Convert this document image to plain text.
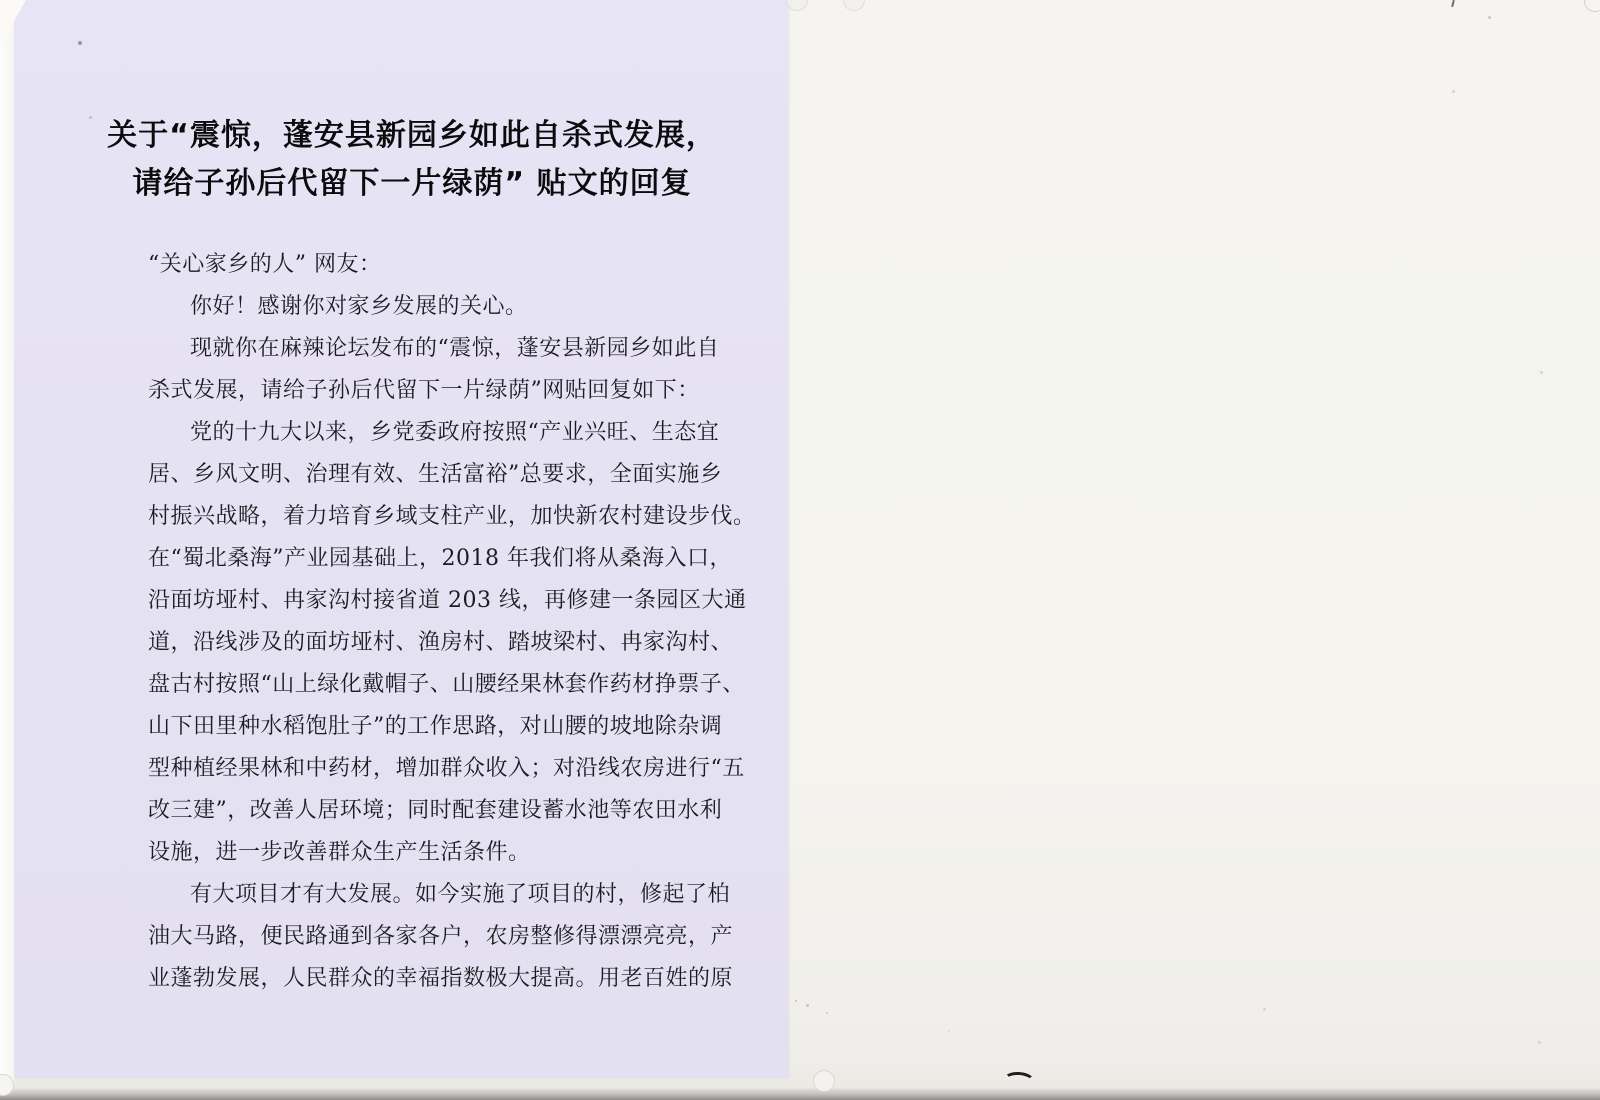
关于“震惊，蓬安县新园乡如此自杀式发展，
请给子孙后代留下一片绿荫” 贴文的回复
“关心家乡的人” 网友：
你好！感谢你对家乡发展的关心。
现就你在麻辣论坛发布的“震惊，蓬安县新园乡如此自
杀式发展，请给子孙后代留下一片绿荫”网贴回复如下：
党的十九大以来，乡党委政府按照“产业兴旺、生态宜
居、乡风文明、治理有效、生活富裕”总要求，全面实施乡
村振兴战略，着力培育乡域支柱产业，加快新农村建设步伐。
在“蜀北桑海”产业园基础上，2018 年我们将从桑海入口，
沿面坊垭村、冉家沟村接省道 203 线，再修建一条园区大通
道，沿线涉及的面坊垭村、渔房村、踏坡梁村、冉家沟村、
盘古村按照“山上绿化戴帽子、山腰经果林套作药材挣票子、
山下田里种水稻饱肚子”的工作思路，对山腰的坡地除杂调
型种植经果林和中药材，增加群众收入；对沿线农房进行“五
改三建”，改善人居环境；同时配套建设蓄水池等农田水利
设施，进一步改善群众生产生活条件。
有大项目才有大发展。如今实施了项目的村，修起了柏
油大马路，便民路通到各家各户，农房整修得漂漂亮亮，产
业蓬勃发展，人民群众的幸福指数极大提高。用老百姓的原
